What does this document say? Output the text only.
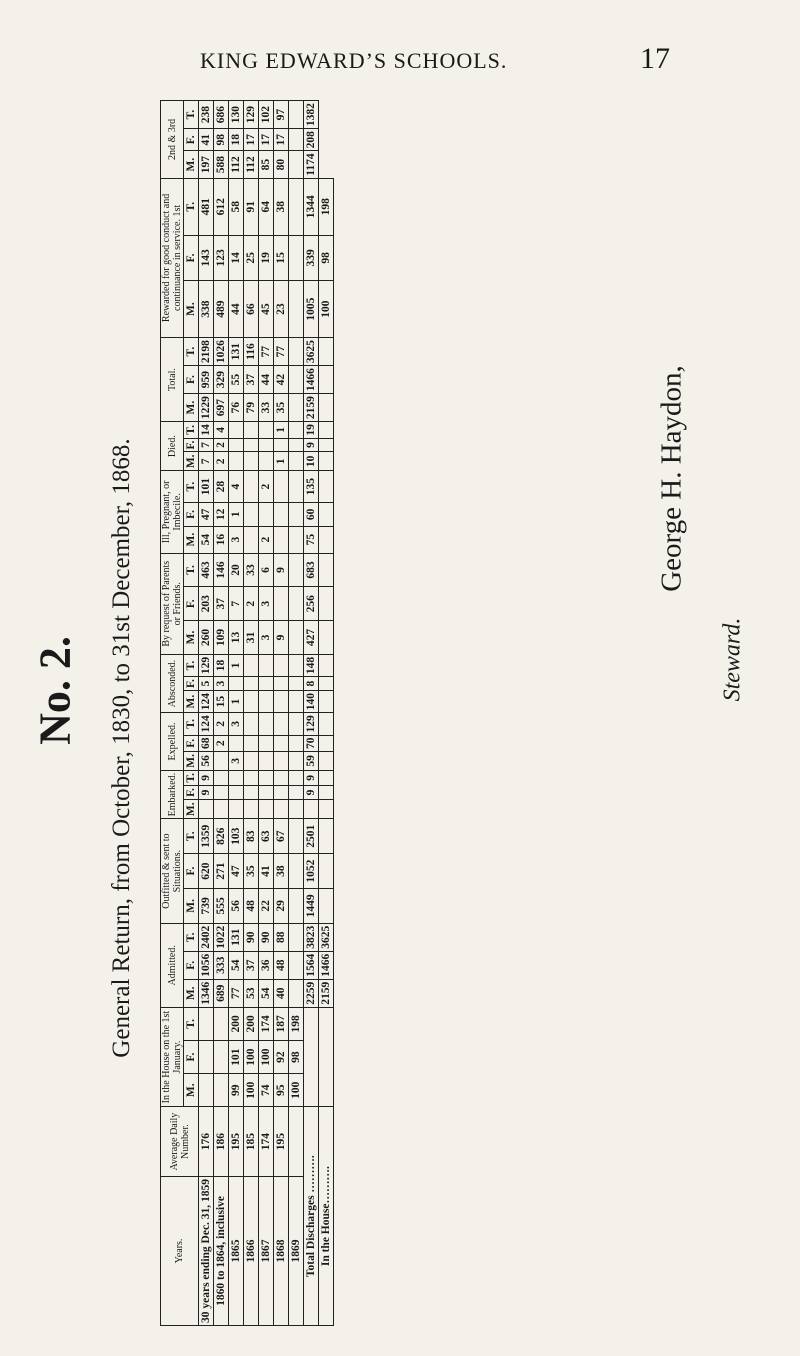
KING EDWARD’S SCHOOLS.	17
No. 2. General Return, from October, 1830, to 31st December, 1868.	George H. Haydon,
Steward.
Years.	Average Daily Number.	In the House on the 1st January.			Admitted.			Outfitted & sent to Situations.			Embarked.			Expelled.			Absconded.			By request of Parents or Friends.			Ill, Pregnant, or Imbecile.			Died.			Total.			Rewarded for good conduct and continuance in service. 1st			2nd & 3rd		
		M.	F.	T.	M.	F.	T.	M.	F.	T.	M.	F.	T.	M.	F.	T.	M.	F.	T.	M.	F.	T.	M.	F.	T.	M.	F.	T.	M.	F.	T.	M.	F.	T.	M.	F.	T.
30 years ending Dec. 31, 1859	176				1346	1056	2402	739	620	1359		9	9	56	68	124	124	5	129	260	203	463	54	47	101	7	7	14	1229	959	2198	338	143	481	197	41	238
1860 to 1864, inclusive	186				689	333	1022	555	271	826					2	2	15	3	18	109	37	146	16	12	28	2	2	4	697	329	1026	489	123	612	588	98	686
1865	195	99	101	200	77	54	131	56	47	103				3		3	1		1	13	7	20	3	1	4				76	55	131	44	14	58	112	18	130
1866	185	100	100	200	53	37	90	48	35	83										31	2	33							79	37	116	66	25	91	112	17	129
1867	174	74	100	174	54	36	90	22	41	63										3	3	6	2		2				33	44	77	45	19	64	85	17	102
1868	195	95	92	187	40	48	88	29	38	67										9		9				1		1	35	42	77	23	15	38	80	17	97
1869		100	98	198																																	
Total Discharges ……….					2259	1564	3823	1449	1052	2501		9	9	59	70	129	140	8	148	427	256	683	75	60	135	10	9	19	2159	1466	3625	1005	339	1344	1174	208	1382
In the House……….					2159	1466	3625																									100	98	198			
